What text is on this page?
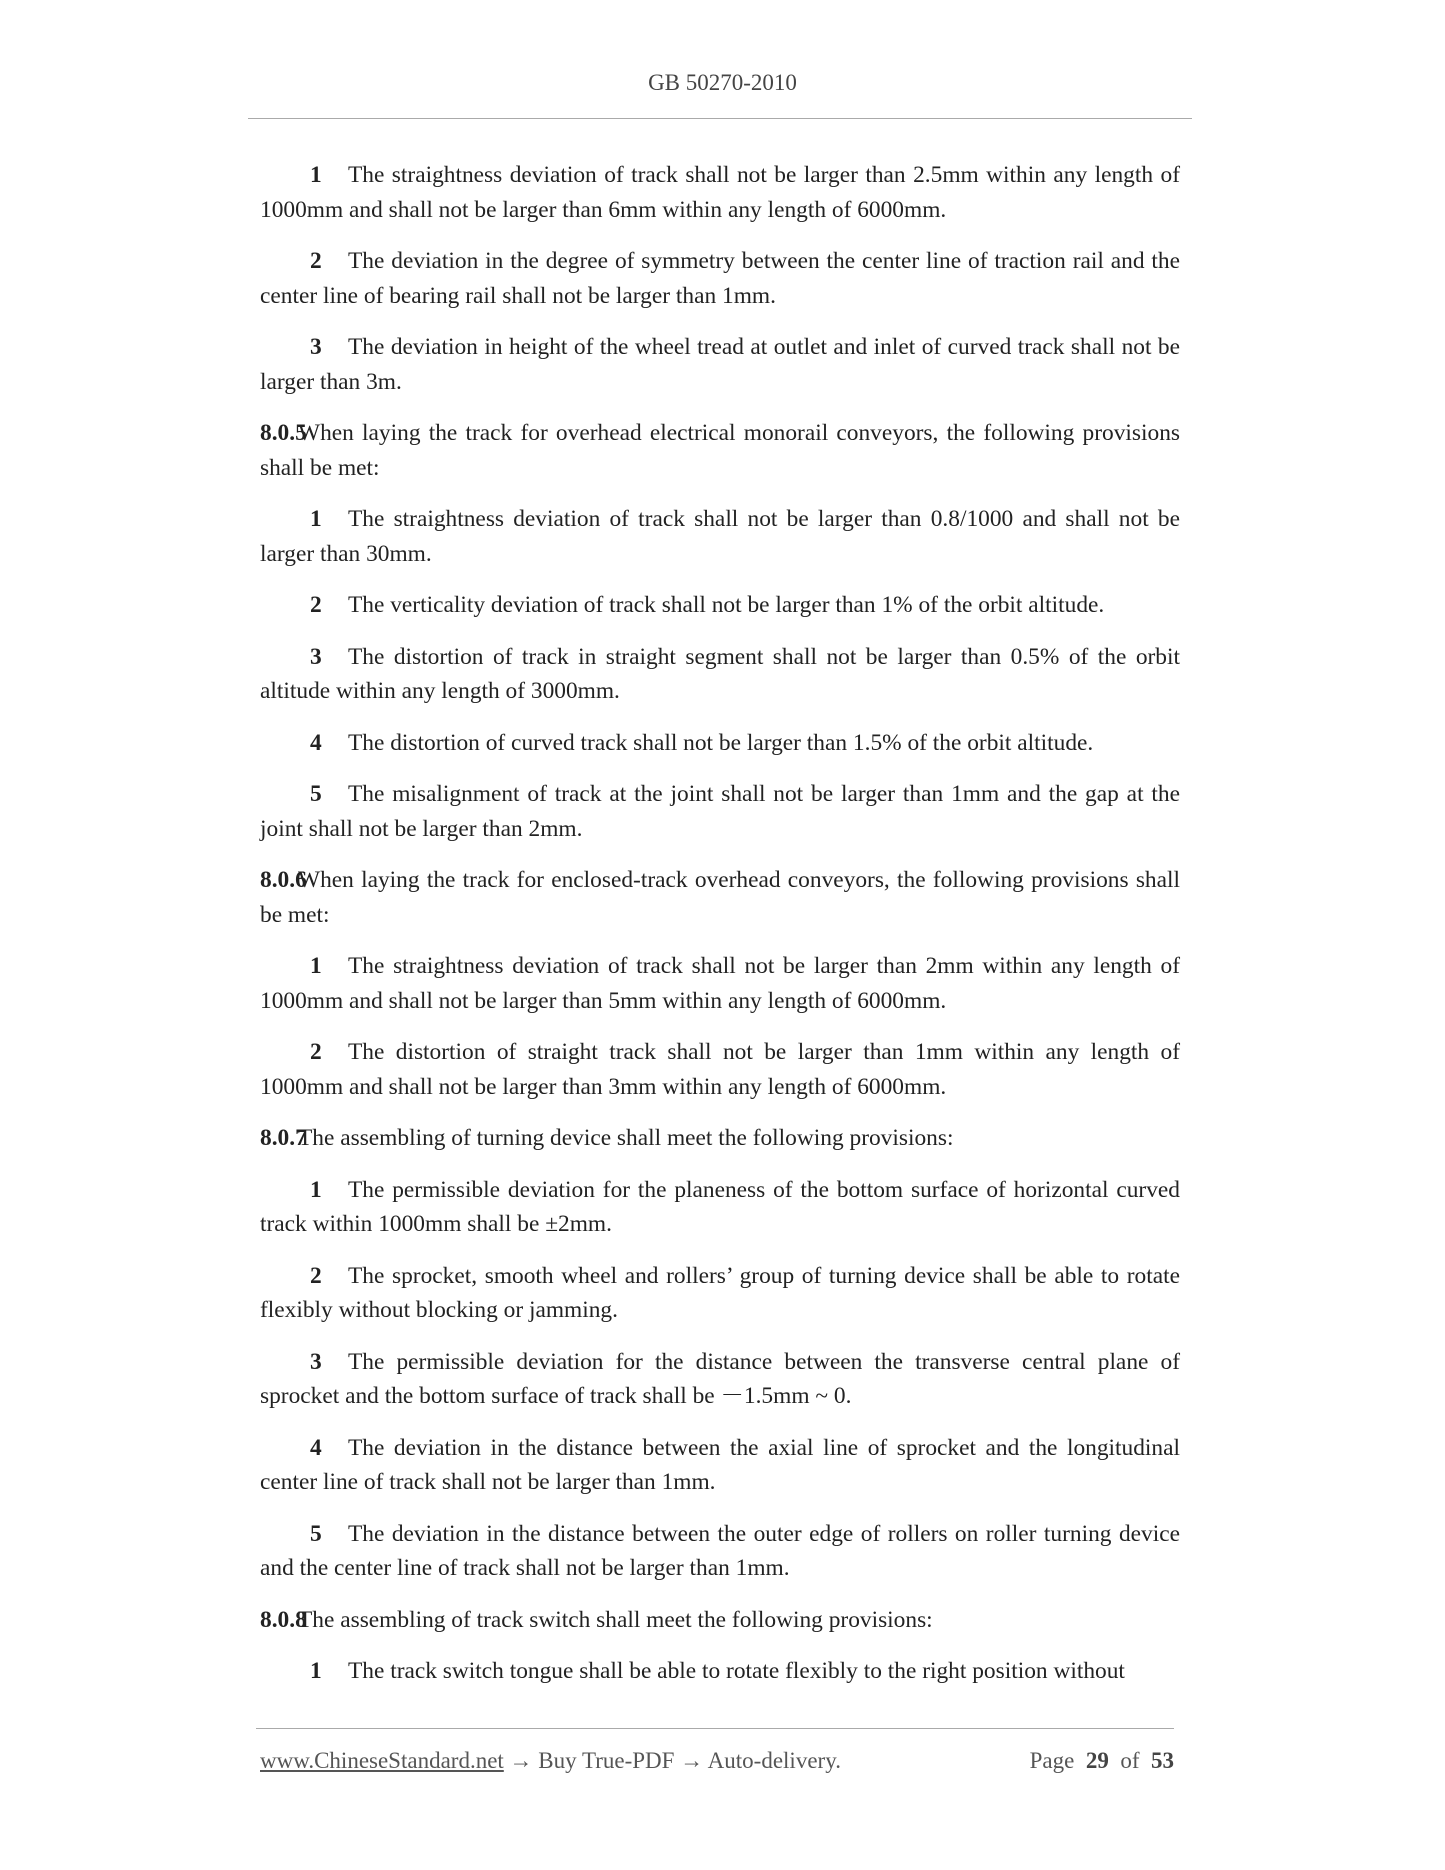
GB 50270-2010
1 The straightness deviation of track shall not be larger than 2.5mm within any length of 1000mm and shall not be larger than 6mm within any length of 6000mm.
2 The deviation in the degree of symmetry between the center line of traction rail and the center line of bearing rail shall not be larger than 1mm.
3 The deviation in height of the wheel tread at outlet and inlet of curved track shall not be larger than 3m.
8.0.5When laying the track for overhead electrical monorail conveyors, the following provisions shall be met:
1 The straightness deviation of track shall not be larger than 0.8/1000 and shall not be larger than 30mm.
2 The verticality deviation of track shall not be larger than 1% of the orbit altitude.
3 The distortion of track in straight segment shall not be larger than 0.5% of the orbit altitude within any length of 3000mm.
4 The distortion of curved track shall not be larger than 1.5% of the orbit altitude.
5 The misalignment of track at the joint shall not be larger than 1mm and the gap at the joint shall not be larger than 2mm.
8.0.6When laying the track for enclosed-track overhead conveyors, the following provisions shall be met:
1 The straightness deviation of track shall not be larger than 2mm within any length of 1000mm and shall not be larger than 5mm within any length of 6000mm.
2 The distortion of straight track shall not be larger than 1mm within any length of 1000mm and shall not be larger than 3mm within any length of 6000mm.
8.0.7The assembling of turning device shall meet the following provisions:
1 The permissible deviation for the planeness of the bottom surface of horizontal curved track within 1000mm shall be ±2mm.
2 The sprocket, smooth wheel and rollers’ group of turning device shall be able to rotate flexibly without blocking or jamming.
3 The permissible deviation for the distance between the transverse central plane of sprocket and the bottom surface of track shall be －1.5mm ~ 0.
4 The deviation in the distance between the axial line of sprocket and the longitudinal center line of track shall not be larger than 1mm.
5 The deviation in the distance between the outer edge of rollers on roller turning device and the center line of track shall not be larger than 1mm.
8.0.8The assembling of track switch shall meet the following provisions:
1 The track switch tongue shall be able to rotate flexibly to the right position without
www.ChineseStandard.net → Buy True-PDF → Auto-delivery.	Page 29 of 53
